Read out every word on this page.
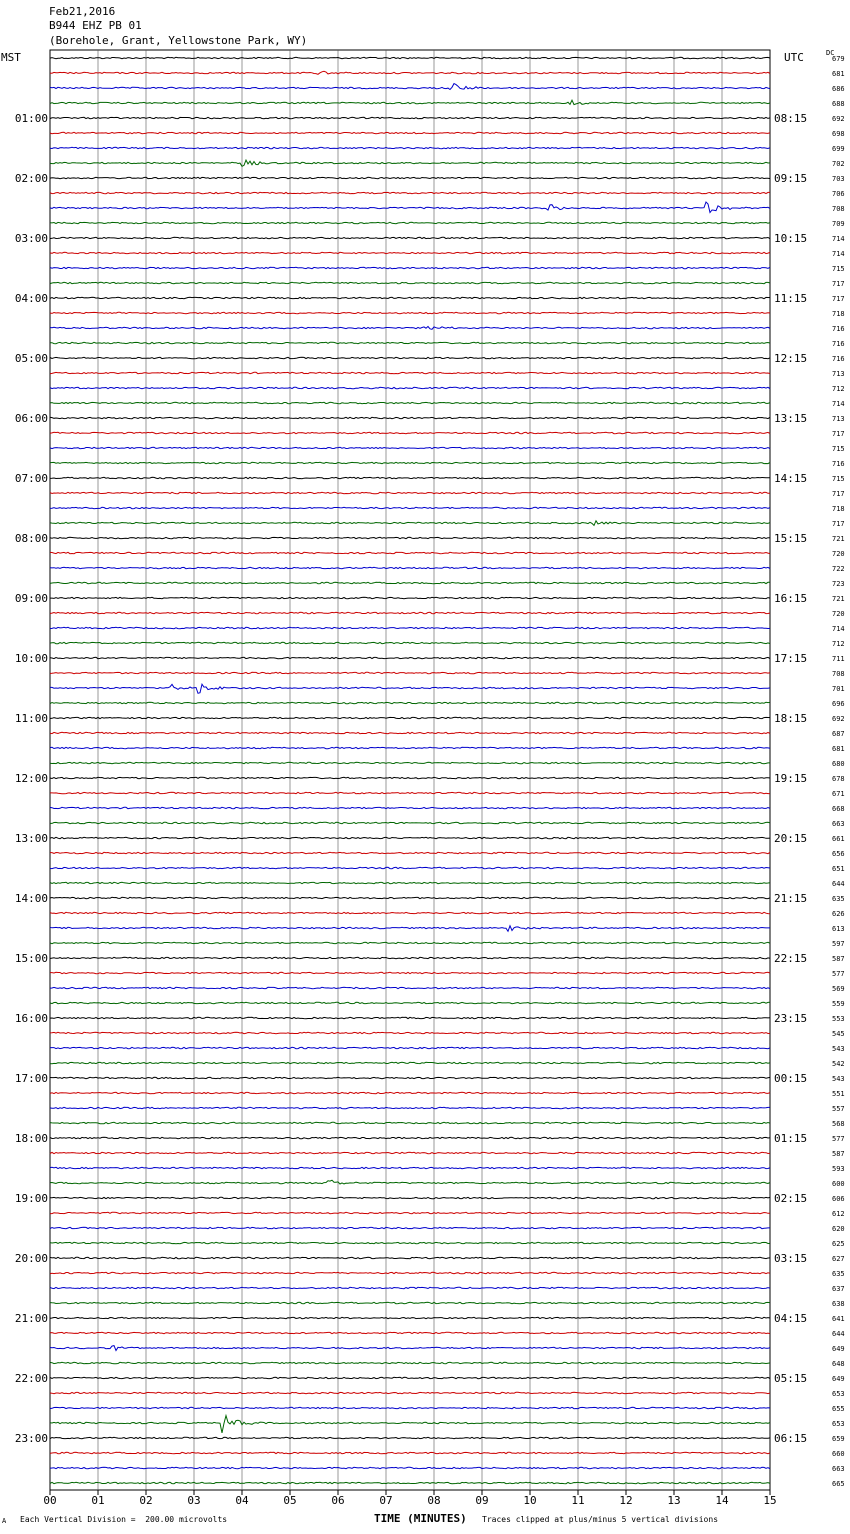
Feb21,2016
B944 EHZ PB 01
(Borehole, Grant, Yellowstone Park, WY)
MST	UTC	DC
679
681
686
688
692
698
699
702
703
706
708
709
714
714
715
717
717
718
716
716
716
713
712
714
713
717
715
716
715
717
718
717
721
720
722
723
721
720
714
712
711
708
701
696
692
687
681
680
678
671
668
663
661
656
651
644
635
626
613
597
587
577
569
559
553
545
543
542
543
551
557
568
577
587
593
600
606
612
620
625
627
635
637
638
641
644
649
648
649
653
655
653
659
660
663
665
01:00
02:00
03:00
04:00
05:00
06:00
07:00
08:00
09:00
10:00
11:00
12:00
13:00
14:00
15:00
16:00
17:00
18:00
19:00
20:00
21:00
22:00
23:00
08:15
09:15
10:15
11:15
12:15
13:15
14:15
15:15
16:15
17:15
18:15
19:15
20:15
21:15
22:15
23:15
00:15
01:15
02:15
03:15
04:15
05:15
06:15
00	01	02	03	04	05	06	07	08	09	10	11	12	13	14	15
A Each Vertical Division =  200.00 microvolts	TIME (MINUTES) Traces clipped at plus/minus 5 vertical divisions
